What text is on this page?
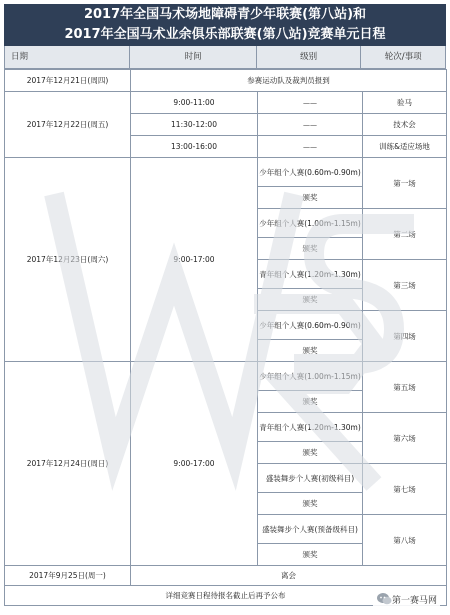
2017年全国马术场地障碍青少年联赛(第八站)和
2017年全国马术业余俱乐部联赛(第八站)竞赛单元日程
日期	时间	级别	轮次/事项
2017年12月21日(周四)	参赛运动队及裁判员报到		
2017年12月22日(周五)	9:00-11:00	——	验马
	11:30-12:00	——	技术会
	13:00-16:00	——	训练&适应场地
2017年12月23日(周六)	9:00-17:00	少年组个人赛(0.60m-0.90m)	第一场
		颁奖	
		少年组个人赛(1.00m-1.15m)	第二场
		颁奖	
		青年组个人赛(1.20m-1.30m)	第三场
		颁奖	
		少年组个人赛(0.60m-0.90m)	第四场
		颁奖	
2017年12月24日(周日)	9:00-17:00	少年组个人赛(1.00m-1.15m)	第五场
		颁奖	
		青年组个人赛(1.20m-1.30m)	第六场
		颁奖	
		盛装舞步个人赛(初级科目)	第七场
		颁奖	
		盛装舞步个人赛(预备级科目)	第八场
		颁奖	
2017年9月25日(周一)	离会		
详细竞赛日程待报名截止后再予公布				第一赛马网
